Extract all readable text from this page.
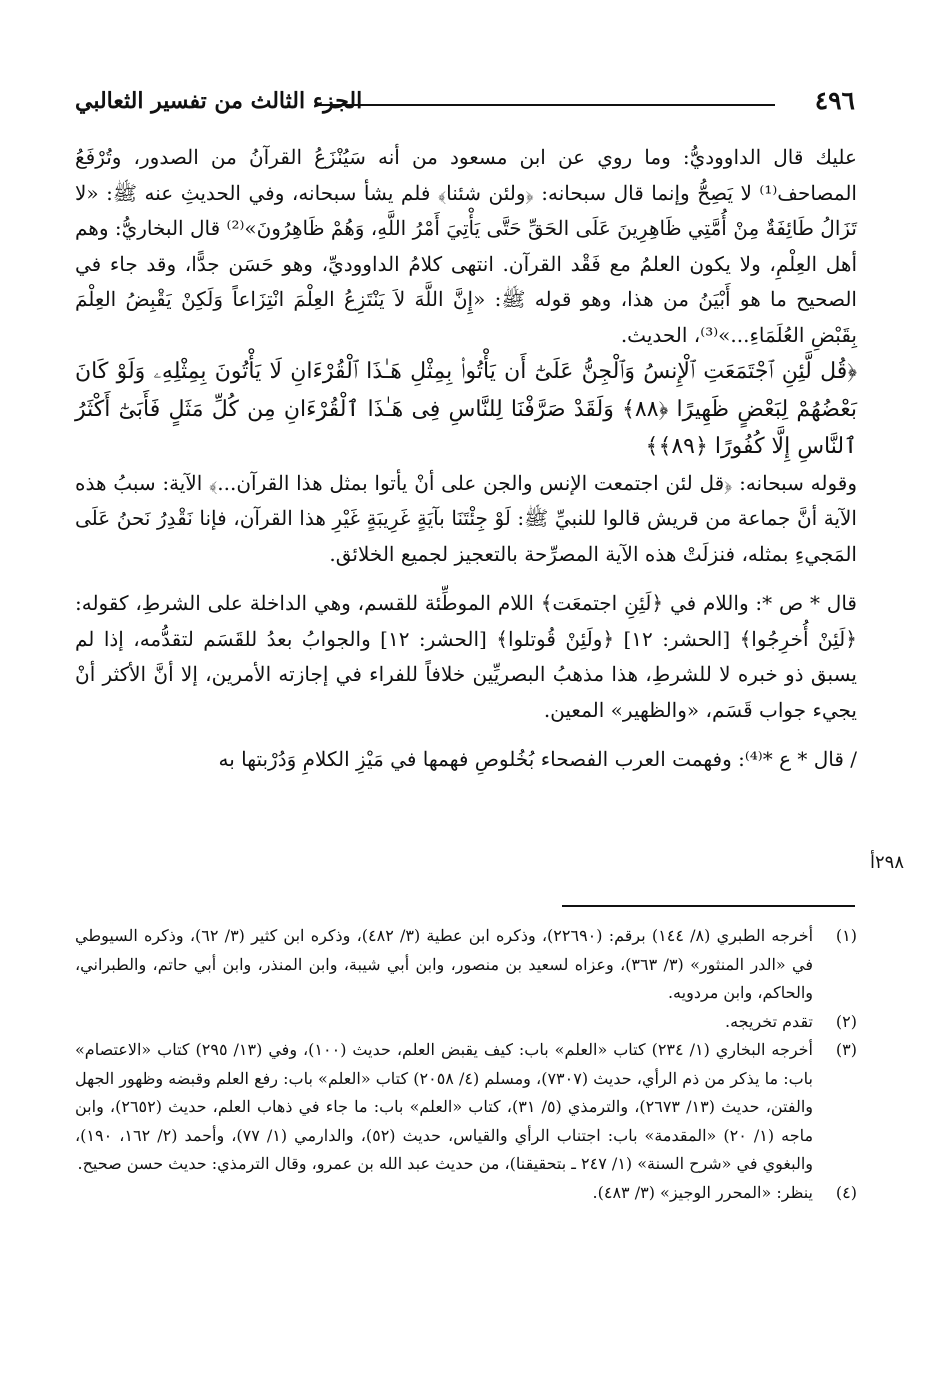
٤٩٦
الجزء الثالث من تفسير الثعالبي

عليك قال الداووديُّ: وما روي عن ابن مسعود من أنه سَيُنْزَعُ القرآنُ من الصدور، وتُرْفَعُ المصاحف⁽¹⁾ لا يَصِحُّ وإنما قال سبحانه: ﴿ولئن شئنا﴾ فلم يشأ سبحانه، وفي الحديثِ عنه ﷺ: «لا تَزَالُ طَائِفَةٌ مِنْ أُمَّتِي ظَاهِرِينَ عَلَى الحَقِّ حَتَّى يَأْتِيَ أَمْرُ اللَّهِ، وَهُمْ ظَاهِرُونَ»⁽²⁾ قال البخاريُّ: وهم أهل العِلْمِ، ولا يكون العلمُ مع فَقْد القرآن. انتهى كلامُ الداووديِّ، وهو حَسَن جدًّا، وقد جاء في الصحيح ما هو أَبْيَنُ من هذا، وهو قوله ﷺ: «إِنَّ اللَّهَ لاَ يَنْتَزِعُ العِلْمَ انْتِزَاعاً وَلَكِنْ يَقْبِضُ العِلْمَ بِقَبْضِ العُلَمَاءِ...»⁽³⁾، الحديث.

﴿قُل لَّئِنِ ٱجْتَمَعَتِ ٱلْإِنسُ وَٱلْجِنُّ عَلَىٰٓ أَن يَأْتُوا۟ بِمِثْلِ هَـٰذَا ٱلْقُرْءَانِ لَا يَأْتُونَ بِمِثْلِهِۦ وَلَوْ كَانَ بَعْضُهُمْ لِبَعْضٍ ظَهِيرًا ﴿٨٨﴾ وَلَقَدْ صَرَّفْنَا لِلنَّاسِ فِى هَـٰذَا ٱلْقُرْءَانِ مِن كُلِّ مَثَلٍ فَأَبَىٰٓ أَكْثَرُ ٱلنَّاسِ إِلَّا كُفُورًا ﴿٨٩﴾﴾

وقوله سبحانه: ﴿قل لئن اجتمعت الإنس والجن على أنْ يأتوا بمثل هذا القرآن...﴾ الآية: سببُ هذه الآية أنَّ جماعة من قريش قالوا للنبيِّ ﷺ: لَوْ جِئْتَنَا بآيَةٍ غَرِيبَةٍ غَيْرِ هذا القرآن، فإنا نَقْدِرُ نَحنُ عَلَى المَجيءِ بمثله، فنزلَتْ هذه الآية المصرِّحة بالتعجيز لجميع الخلائق.

قال * ص *: واللام في ﴿لَئِنِ اجتمعَت﴾ اللام الموطِّئة للقسم، وهي الداخلة على الشرطِ، كقوله: ﴿لَئِنْ أُخرِجُوا﴾ [الحشر: ١٢] ﴿ولَئِنْ قُوتلوا﴾ [الحشر: ١٢] والجوابُ بعدُ للقَسَم لتقدُّمه، إذا لم يسبق ذو خبره لا للشرطِ، هذا مذهبُ البصريِّين خلافاً للفراء في إجازته الأمرين، إلا أنَّ الأكثر أنْ يجيء جواب قَسَم، «والظهير» المعين.

/ قال * ع *⁽⁴⁾: وفهمت العرب الفصحاء بُخُلوصِ فهمها في مَيْزِ الكلامِ وَدُرْبتها به

٢٩٨أ
(١)
أخرجه الطبري (٨/ ١٤٤) برقم: (٢٢٦٩٠)، وذكره ابن عطية (٣/ ٤٨٢)، وذكره ابن كثير (٣/ ٦٢)، وذكره السيوطي في «الدر المنثور» (٣/ ٣٦٣)، وعزاه لسعيد بن منصور، وابن أبي شيبة، وابن المنذر، وابن أبي حاتم، والطبراني، والحاكم، وابن مردويه.
(٢)
تقدم تخريجه.
(٣)
أخرجه البخاري (١/ ٢٣٤) كتاب «العلم» باب: كيف يقبض العلم، حديث (١٠٠)، وفي (١٣/ ٢٩٥) كتاب «الاعتصام» باب: ما يذكر من ذم الرأي، حديث (٧٣٠٧)، ومسلم (٤/ ٢٠٥٨) كتاب «العلم» باب: رفع العلم وقبضه وظهور الجهل والفتن، حديث (١٣/ ٢٦٧٣)، والترمذي (٥/ ٣١)، كتاب «العلم» باب: ما جاء في ذهاب العلم، حديث (٢٦٥٢)، وابن ماجه (١/ ٢٠) «المقدمة» باب: اجتناب الرأي والقياس، حديث (٥٢)، والدارمي (١/ ٧٧)، وأحمد (٢/ ١٦٢، ١٩٠)، والبغوي في «شرح السنة» (١/ ٢٤٧ ـ بتحقيقنا)، من حديث عبد الله بن عمرو، وقال الترمذي: حديث حسن صحيح.
(٤)
ينظر: «المحرر الوجيز» (٣/ ٤٨٣).
